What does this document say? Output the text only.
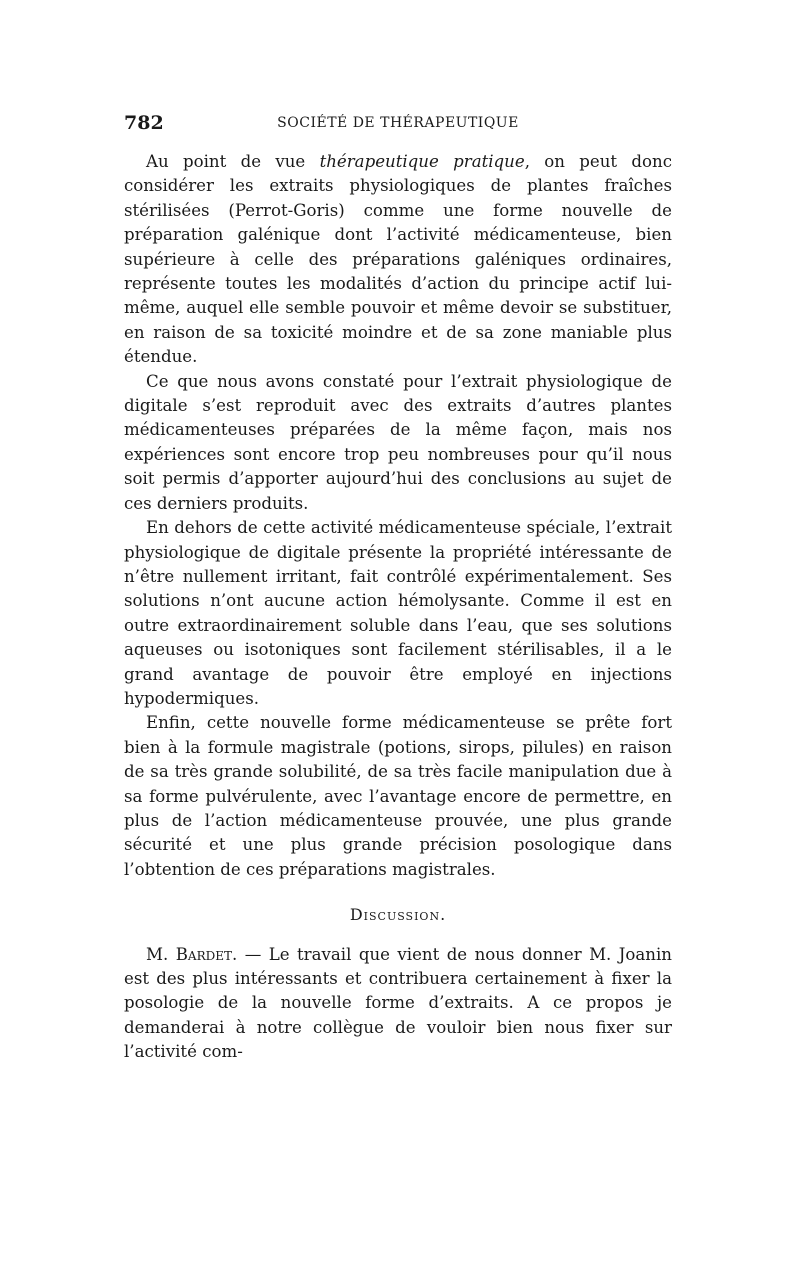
782	SOCIÉTÉ DE THÉRAPEUTIQUE

Au point de vue thérapeutique pratique, on peut donc considérer les extraits physiologiques de plantes fraîches stérilisées (Perrot-Goris) comme une forme nouvelle de préparation galénique dont l’activité médicamenteuse, bien supérieure à celle des préparations galéniques ordinaires, représente toutes les modalités d’action du principe actif lui-même, auquel elle semble pouvoir et même devoir se substituer, en raison de sa toxicité moindre et de sa zone maniable plus étendue.

Ce que nous avons constaté pour l’extrait physiologique de digitale s’est reproduit avec des extraits d’autres plantes médicamenteuses préparées de la même façon, mais nos expériences sont encore trop peu nombreuses pour qu’il nous soit permis d’apporter aujourd’hui des conclusions au sujet de ces derniers produits.

En dehors de cette activité médicamenteuse spéciale, l’extrait physiologique de digitale présente la propriété intéressante de n’être nullement irritant, fait contrôlé expérimentalement. Ses solutions n’ont aucune action hémolysante. Comme il est en outre extraordinairement soluble dans l’eau, que ses solutions aqueuses ou isotoniques sont facilement stérilisables, il a le grand avantage de pouvoir être employé en injections hypodermiques.

Enfin, cette nouvelle forme médicamenteuse se prête fort bien à la formule magistrale (potions, sirops, pilules) en raison de sa très grande solubilité, de sa très facile manipulation due à sa forme pulvérulente, avec l’avantage encore de permettre, en plus de l’action médicamenteuse prouvée, une plus grande sécurité et une plus grande précision posologique dans l’obtention de ces préparations magistrales.

Discussion.

M. Bardet. — Le travail que vient de nous donner M. Joanin est des plus intéressants et contribuera certainement à fixer la posologie de la nouvelle forme d’extraits. A ce propos je demanderai à notre collègue de vouloir bien nous fixer sur l’activité com-
